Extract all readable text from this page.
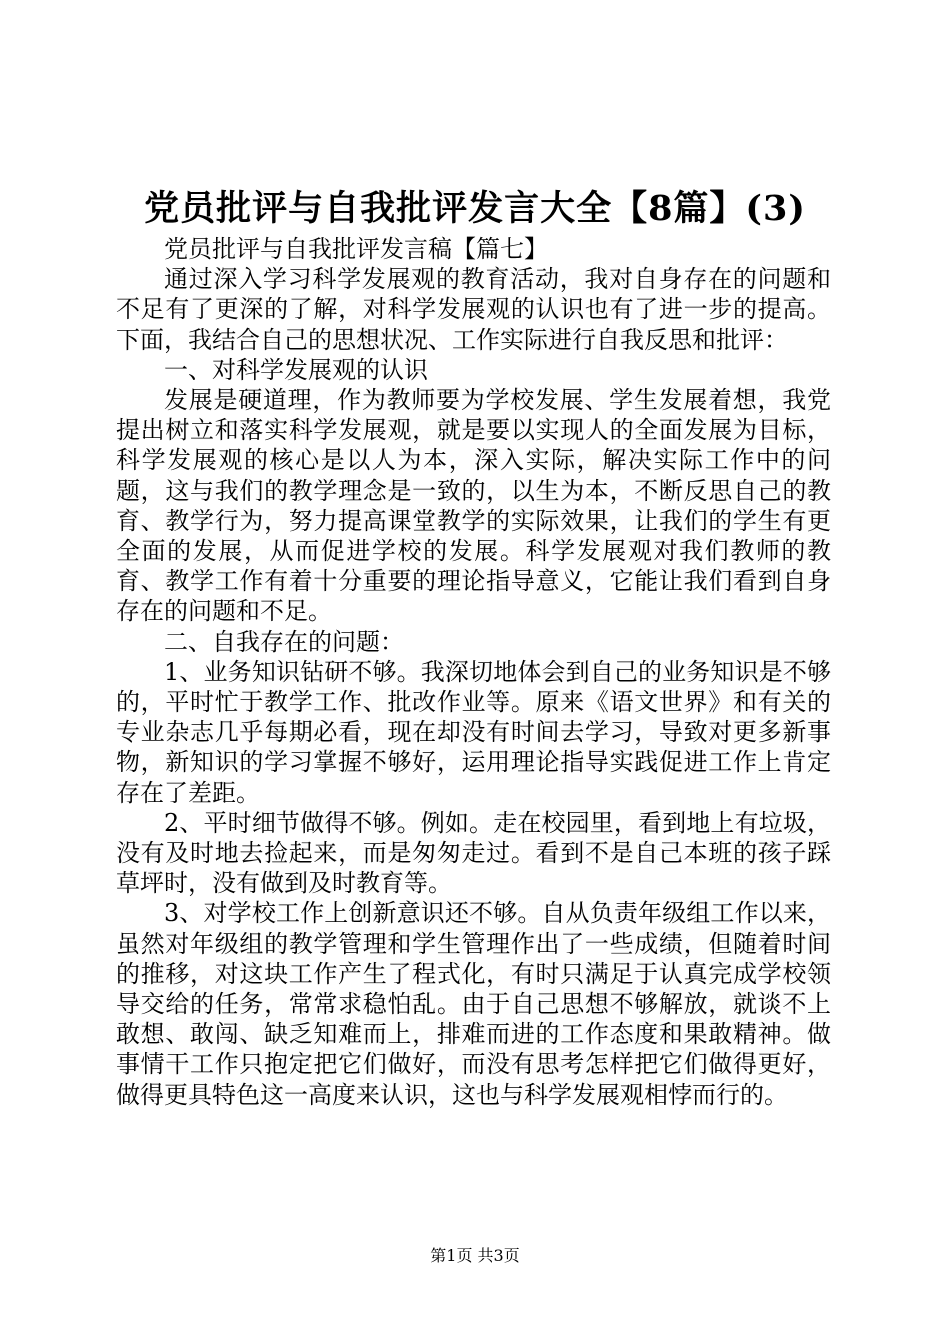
党员批评与自我批评发言大全【8篇】(3)

党员批评与自我批评发言稿【篇七】

通过深入学习科学发展观的教育活动，我对自身存在的问题和不足有了更深的了解，对科学发展观的认识也有了进一步的提高。下面，我结合自己的思想状况、工作实际进行自我反思和批评：

一、对科学发展观的认识

发展是硬道理，作为教师要为学校发展、学生发展着想，我党提出树立和落实科学发展观，就是要以实现人的全面发展为目标，科学发展观的核心是以人为本，深入实际，解决实际工作中的问题，这与我们的教学理念是一致的，以生为本，不断反思自己的教育、教学行为，努力提高课堂教学的实际效果，让我们的学生有更全面的发展，从而促进学校的发展。科学发展观对我们教师的教育、教学工作有着十分重要的理论指导意义，它能让我们看到自身存在的问题和不足。

二、自我存在的问题：

1、业务知识钻研不够。我深切地体会到自己的业务知识是不够的，平时忙于教学工作、批改作业等。原来《语文世界》和有关的专业杂志几乎每期必看，现在却没有时间去学习，导致对更多新事物，新知识的学习掌握不够好，运用理论指导实践促进工作上肯定存在了差距。

2、平时细节做得不够。例如。走在校园里，看到地上有垃圾，没有及时地去捡起来，而是匆匆走过。看到不是自己本班的孩子踩草坪时，没有做到及时教育等。

3、对学校工作上创新意识还不够。自从负责年级组工作以来，虽然对年级组的教学管理和学生管理作出了一些成绩，但随着时间的推移，对这块工作产生了程式化，有时只满足于认真完成学校领导交给的任务，常常求稳怕乱。由于自己思想不够解放，就谈不上敢想、敢闯、缺乏知难而上，排难而进的工作态度和果敢精神。做事情干工作只抱定把它们做好，而没有思考怎样把它们做得更好，做得更具特色这一高度来认识，这也与科学发展观相悖而行的。

第1页 共3页
